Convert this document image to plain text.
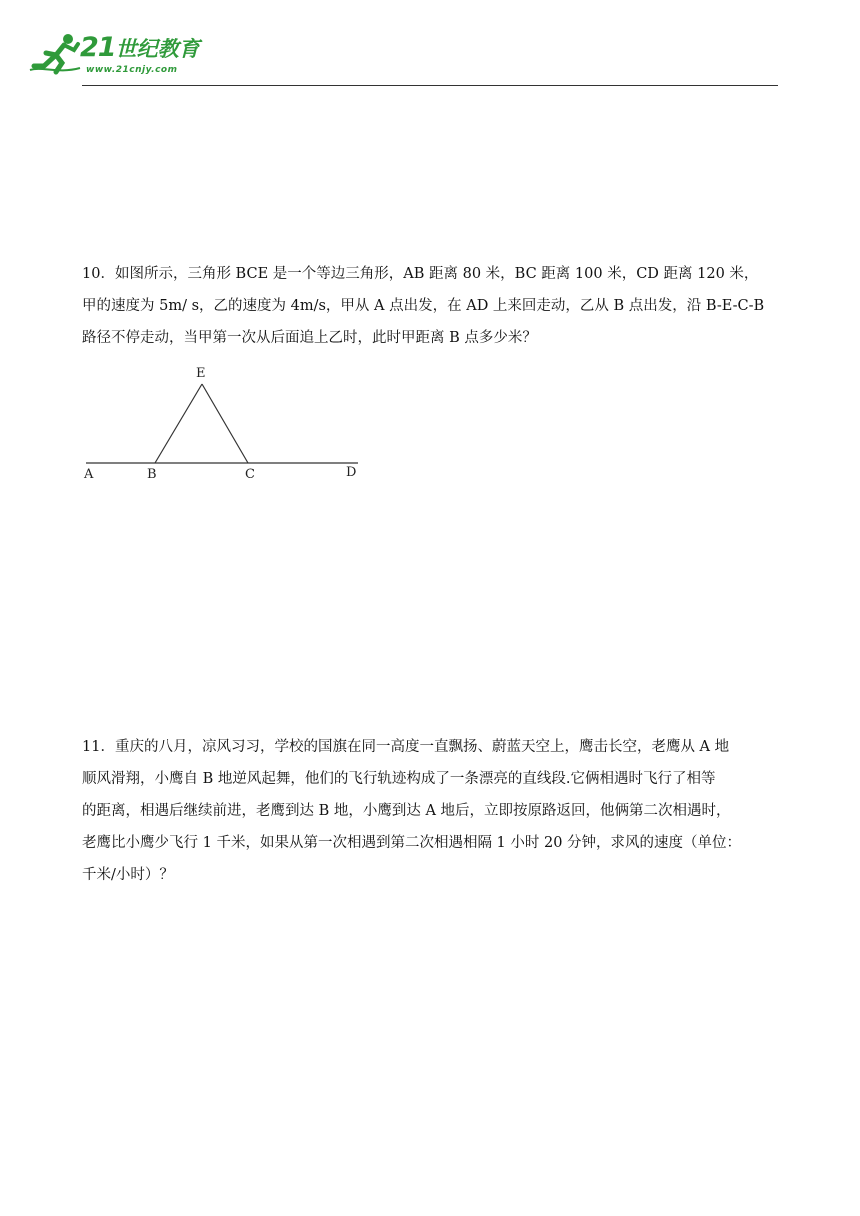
21世纪教育
www.21cnjy.com
10．如图所示，三角形 BCE 是一个等边三角形，AB 距离 80 米，BC 距离 100 米，CD 距离 120 米，
甲的速度为 5m/ s，乙的速度为 4m/s，甲从 A 点出发，在 AD 上来回走动，乙从 B 点出发，沿 B-E-C-B
路径不停走动，当甲第一次从后面追上乙时，此时甲距离 B 点多少米？
E
A	B	C	D
11．重庆的八月，凉风习习，学校的国旗在同一高度一直飘扬、蔚蓝天空上，鹰击长空，老鹰从 A 地
顺风滑翔，小鹰自 B 地逆风起舞，他们的飞行轨迹构成了一条漂亮的直线段.它俩相遇时飞行了相等
的距离，相遇后继续前进，老鹰到达 B 地，小鹰到达 A 地后，立即按原路返回，他俩第二次相遇时，
老鹰比小鹰少飞行 1 千米，如果从第一次相遇到第二次相遇相隔 1 小时 20 分钟，求风的速度（单位：
千米/小时）？
